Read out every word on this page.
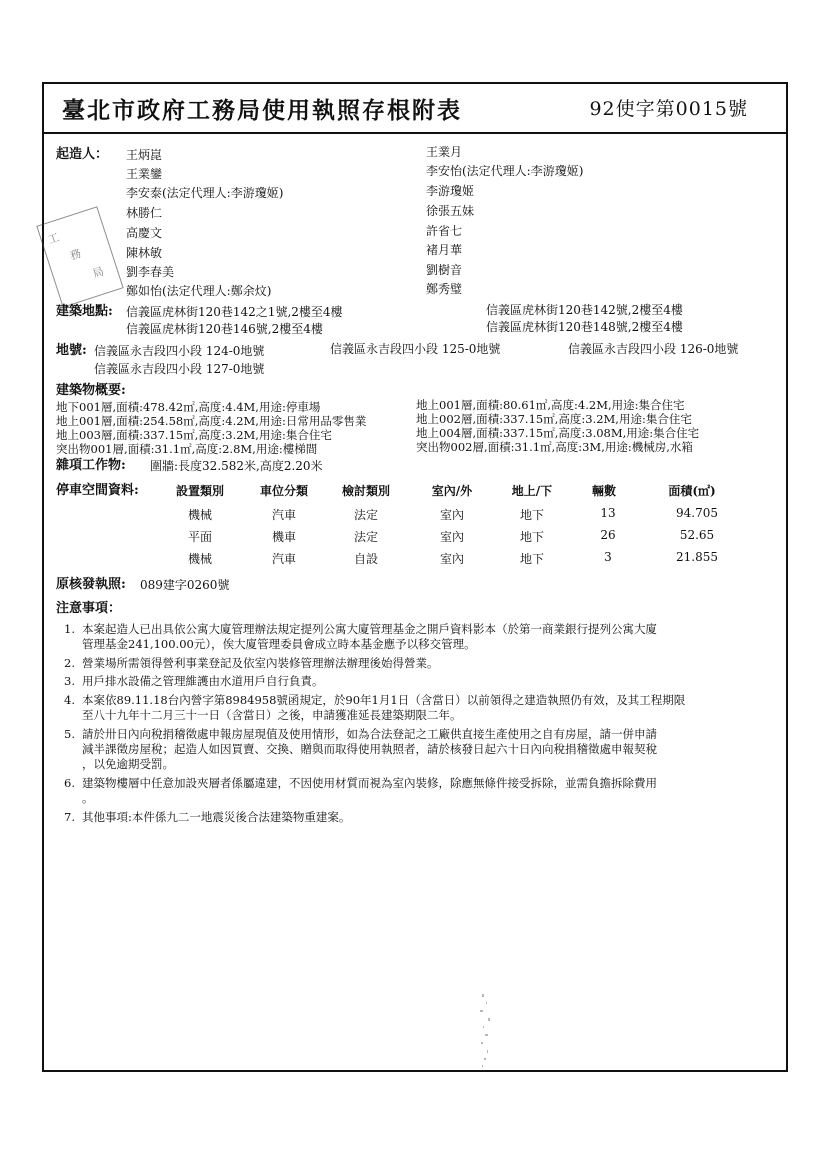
臺北市政府工務局使用執照存根附表	92使字第0015號
起造人： 王炳崑
王業鑾
李安泰(法定代理人:李游瓊姬)
林勝仁
高慶文
陳林敏
劉李春美
鄭如怡(法定代理人:鄭余炆)
王業月
李安怡(法定代理人:李游瓊姬)
李游瓊姬
徐張五妹
許省七
褚月華
劉樹音
鄭秀璧
工
務
局
建築地點: 信義區虎林街120巷142之1號,2樓至4樓	信義區虎林街120巷142號,2樓至4樓
信義區虎林街120巷146號,2樓至4樓	信義區虎林街120巷148號,2樓至4樓
地號: 信義區永吉段四小段 124-0地號	信義區永吉段四小段 125-0地號	信義區永吉段四小段 126-0地號
信義區永吉段四小段 127-0地號
建築物概要:
地下001層,面積:478.42㎡,高度:4.4M,用途:停車場
地上001層,面積:254.58㎡,高度:4.2M,用途:日常用品零售業
地上003層,面積:337.15㎡,高度:3.2M,用途:集合住宅
突出物001層,面積:31.1㎡,高度:2.8M,用途:樓梯間
地上001層,面積:80.61㎡,高度:4.2M,用途:集合住宅
地上002層,面積:337.15㎡,高度:3.2M,用途:集合住宅
地上004層,面積:337.15㎡,高度:3.08M,用途:集合住宅
突出物002層,面積:31.1㎡,高度:3M,用途:機械房,水箱
雜項工作物: 圍牆:長度32.582米,高度2.20米
停車空間資料:	設置類別	車位分類	檢討類別	室內/外	地上/下	輛數	面積(㎡)
機械	汽車	法定	室內	地下	13	94.705
平面	機車	法定	室內	地下	26	52.65
機械	汽車	自設	室內	地下	3	21.855
原核發執照: 089建字0260號
注意事項：
1. 本案起造人已出具依公寓大廈管理辦法規定提列公寓大廈管理基金之開戶資料影本（於第一商業銀行提列公寓大廈
管理基金241,100.00元），俟大廈管理委員會成立時本基金應予以移交管理。
2. 營業場所需領得營利事業登記及依室內裝修管理辦法辦理後始得營業。
3. 用戶排水設備之管理維護由水道用戶自行負責。
4. 本案依89.11.18台內營字第8984958號函規定，於90年1月1日（含當日）以前領得之建造執照仍有效，及其工程期限
至八十九年十二月三十一日（含當日）之後，申請獲准延長建築期限二年。
5. 請於卅日內向稅捐稽徵處申報房屋現值及使用情形，如為合法登記之工廠供直接生產使用之自有房屋，請一併申請
減半課徵房屋稅；起造人如因買賣、交換、贈與而取得使用執照者，請於核發日起六十日內向稅捐稽徵處申報契稅
，以免逾期受罰。
6. 建築物樓層中任意加設夾層者係屬違建，不因使用材質而視為室內裝修，除應無條件接受拆除，並需負擔拆除費用
。
7. 其他事項:本件係九二一地震災後合法建築物重建案。
